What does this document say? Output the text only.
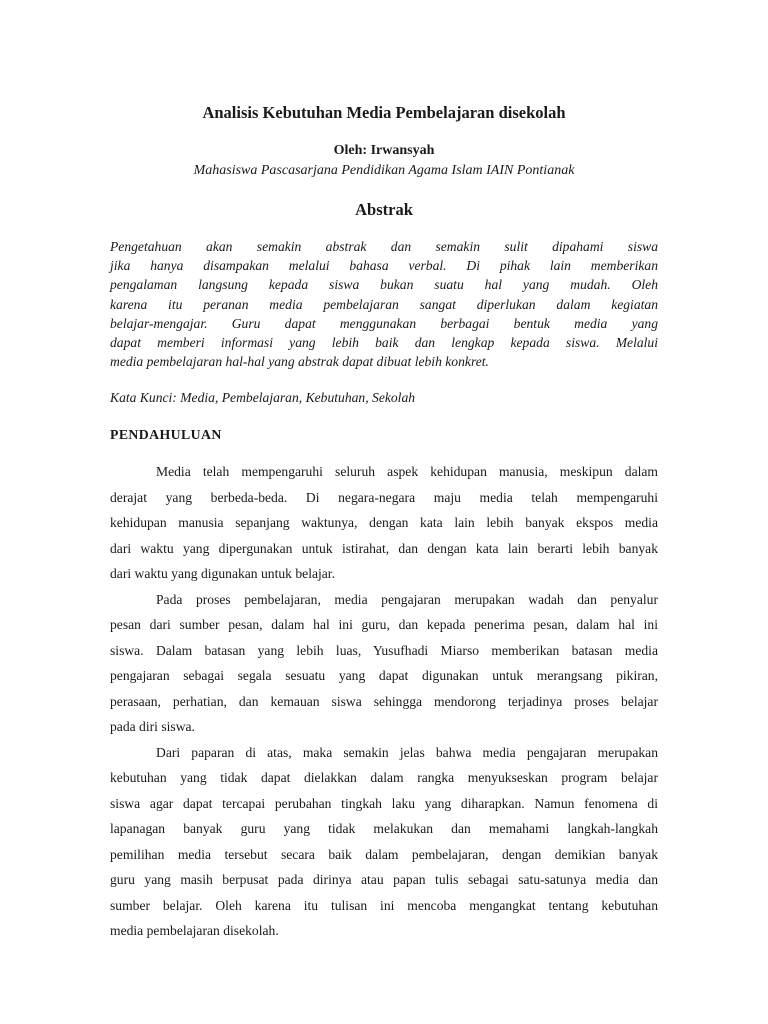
Analisis Kebutuhan Media Pembelajaran disekolah
Oleh: Irwansyah
Mahasiswa Pascasarjana Pendidikan Agama Islam IAIN Pontianak
Abstrak
Pengetahuan akan semakin abstrak dan semakin sulit dipahami siswa
jika hanya disampakan melalui bahasa verbal. Di pihak lain memberikan
pengalaman langsung kepada siswa bukan suatu hal yang mudah. Oleh
karena itu peranan media pembelajaran sangat diperlukan dalam kegiatan
belajar-mengajar. Guru dapat menggunakan berbagai bentuk media yang
dapat memberi informasi yang lebih baik dan lengkap kepada siswa. Melalui
media pembelajaran hal-hal yang abstrak dapat dibuat lebih konkret.
Kata Kunci: Media, Pembelajaran, Kebutuhan, Sekolah
PENDAHULUAN
Media telah mempengaruhi seluruh aspek kehidupan manusia, meskipun dalam
derajat yang berbeda-beda. Di negara-negara maju media telah mempengaruhi
kehidupan manusia sepanjang waktunya, dengan kata lain lebih banyak ekspos media
dari waktu yang dipergunakan untuk istirahat, dan dengan kata lain berarti lebih banyak
dari waktu yang digunakan untuk belajar.
Pada proses pembelajaran, media pengajaran merupakan wadah dan penyalur
pesan dari sumber pesan, dalam hal ini guru, dan kepada penerima pesan, dalam hal ini
siswa. Dalam batasan yang lebih luas, Yusufhadi Miarso memberikan batasan media
pengajaran sebagai segala sesuatu yang dapat digunakan untuk merangsang pikiran,
perasaan, perhatian, dan kemauan siswa sehingga mendorong terjadinya proses belajar
pada diri siswa.
Dari paparan di atas, maka semakin jelas bahwa media pengajaran merupakan
kebutuhan yang tidak dapat dielakkan dalam rangka menyukseskan program belajar
siswa agar dapat tercapai perubahan tingkah laku yang diharapkan. Namun fenomena di
lapanagan banyak guru yang tidak melakukan dan memahami langkah-langkah
pemilihan media tersebut secara baik dalam pembelajaran, dengan demikian banyak
guru yang masih berpusat pada dirinya atau papan tulis sebagai satu-satunya media dan
sumber belajar. Oleh karena itu tulisan ini mencoba mengangkat tentang kebutuhan
media pembelajaran disekolah.
